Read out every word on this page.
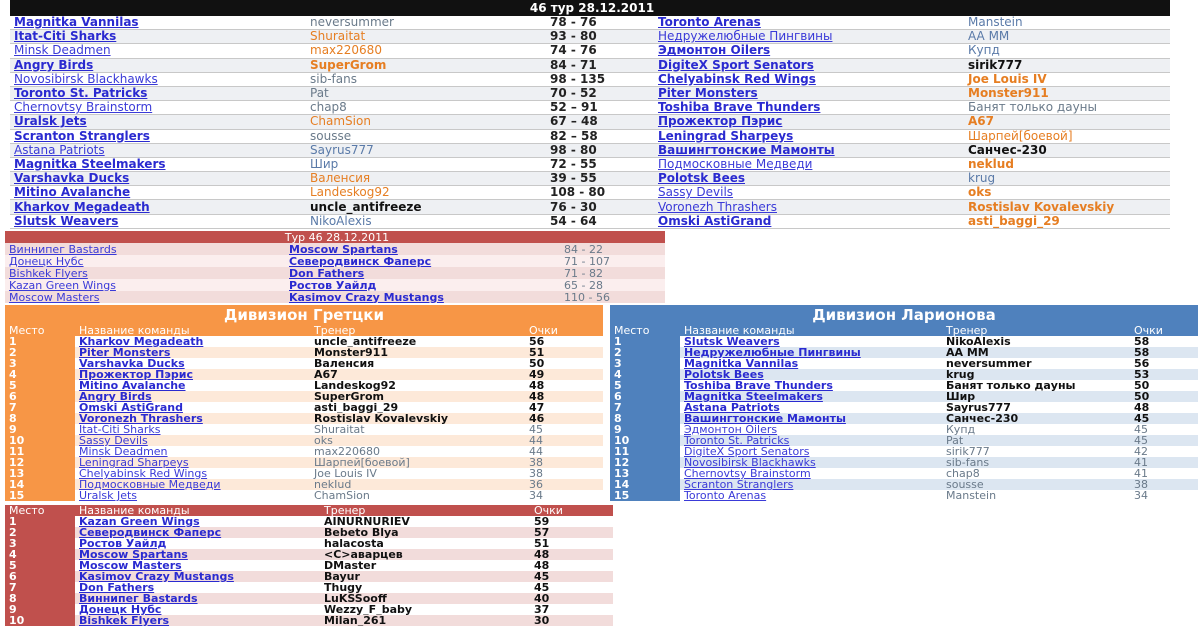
46 тур 28.12.2011				
Magnitka Vannilas	neversummer	78 - 76	Toronto Arenas	Manstein
Itat-Citi Sharks	Shuraitat	93 - 80	Недружелюбные Пингвины	AA MM
Minsk Deadmen	max220680	74 - 76	Эдмонтон Oilers	Купд
Angry Birds	SuperGrom	84 - 71	DigiteX Sport Senators	sirik777
Novosibirsk Blackhawks	sib-fans	98 - 135	Chelyabinsk Red Wings	Joe Louis IV
Toronto St. Patricks	Pat	70 - 52	Piter Monsters	Monster911
Chernovtsy Brainstorm	chap8	52 – 91	Toshiba Brave Thunders	Банят только дауны
Uralsk Jets	ChamSion	67 – 48	Прожектор Пэрис	A67
Scranton Stranglers	sousse	82 – 58	Leningrad Sharpeys	Шарпей[боевой]
Astana Patriots	Sayrus777	98 - 80	Вашингтонские Мамонты	Санчес-230
Magnitka Steelmakers	Шир	72 - 55	Подмосковные Медведи	neklud
Varshavka Ducks	Валенсия	39 - 55	Polotsk Bees	krug
Mitino Avalanche	Landeskog92	108 - 80	Sassy Devils	oks
Kharkov Megadeath	uncle_antifreeze	76 - 30	Voronezh Thrashers	Rostislav Kovalevskiy
Slutsk Weavers	NikoAlexis	54 - 64	Omski AstiGrand	asti_baggi_29
Тур 46 28.12.2011		
Виннипег Bastards	Moscow Spartans	84 - 22
Донецк Нубс	Северодвинск Фаперс	71 - 107
Bishkek Flyers	Don Fathers	71 - 82
Kazan Green Wings	Ростов Уайлд	65 - 28
Moscow Masters	Kasimov Crazy Mustangs	110 - 56
Дивизион Гретцки
Место	Название команды	Тренер	Очки
1	Kharkov Megadeath	uncle_antifreeze	56
2	Piter Monsters	Monster911	51
3	Varshavka Ducks	Валенсия	50
4	Прожектор Пэрис	A67	49
5	Mitino Avalanche	Landeskog92	48
6	Angry Birds	SuperGrom	48
7	Omski AstiGrand	asti_baggi_29	47
8	Voronezh Thrashers	Rostislav Kovalevskiy	46
9	Itat-Citi Sharks	Shuraitat	45
10	Sassy Devils	oks	44
11	Minsk Deadmen	max220680	44
12	Leningrad Sharpeys	Шарпей[боевой]	38
13	Chelyabinsk Red Wings	Joe Louis IV	38
14	Подмосковные Медведи	nekIud	36
15	Uralsk Jets	ChamSion	34
Дивизион Ларионова
Место	Название команды	Тренер	Очки
1	Slutsk Weavers	NikoAlexis	58
2	Недружелюбные Пингвины	AA MM	58
3	Magnitka Vannilas	neversummer	56
4	Polotsk Bees	krug	53
5	Toshiba Brave Thunders	Банят только дауны	50
6	Magnitka Steelmakers	Шир	50
7	Astana Patriots	Sayrus777	48
8	Вашингтонские Мамонты	Санчес-230	45
9	Эдмонтон Oilers	Купд	45
10	Toronto St. Patricks	Pat	45
11	DigiteX Sport Senators	sirik777	42
12	Novosibirsk Blackhawks	sib-fans	41
13	Chernovtsy Brainstorm	chap8	41
14	Scranton Stranglers	sousse	38
15	Toronto Arenas	Manstein	34
Место	Название команды	Тренер	Очки
1	Kazan Green Wings	AINURNURIEV	59
2	Северодвинск Фаперс	Bebeto Blya	57
3	Ростов Уайлд	halacosta	51
4	Moscow Spartans	<C>аварцев	48
5	Moscow Masters	DMaster	48
6	Kasimov Crazy Mustangs	Bayur	45
7	Don Fathers	Thugy	45
8	Виннипег Bastards	LuKSSooff	40
9	Донецк Нубс	Wezzy_F_baby	37
10	Bishkek Flyers	Milan_261	30
